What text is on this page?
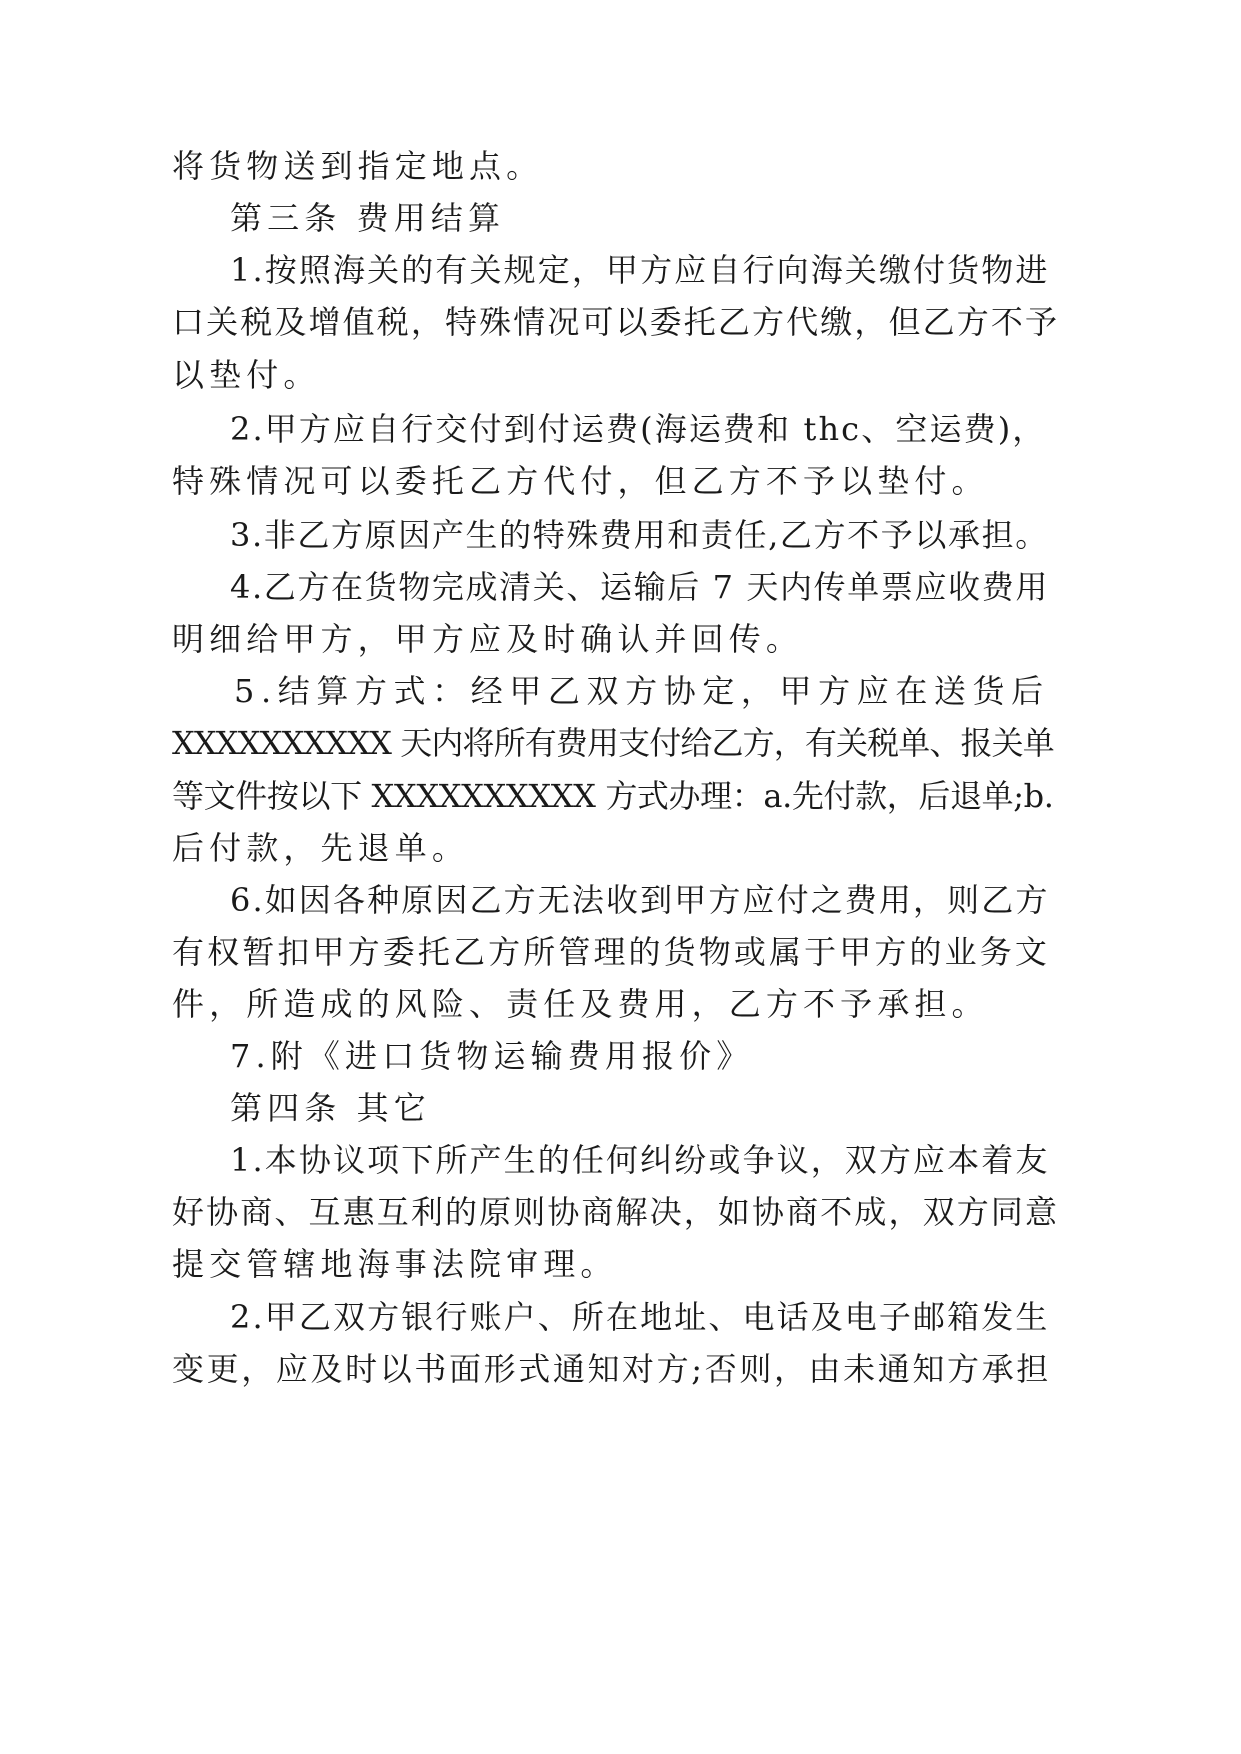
将货物送到指定地点。
第三条 费用结算
1.按照海关的有关规定，甲方应自行向海关缴付货物进
口关税及增值税，特殊情况可以委托乙方代缴，但乙方不予
以垫付。
2.甲方应自行交付到付运费(海运费和 thc、空运费)，
特殊情况可以委托乙方代付，但乙方不予以垫付。
3.非乙方原因产生的特殊费用和责任,乙方不予以承担。
4.乙方在货物完成清关、运输后 7 天内传单票应收费用
明细给甲方，甲方应及时确认并回传。
5.结算方式：经甲乙双方协定，甲方应在送货后
XXXXXXXXXX 天内将所有费用支付给乙方，有关税单、报关单
等文件按以下 XXXXXXXXXX 方式办理：a.先付款，后退单;b.
后付款，先退单。
6.如因各种原因乙方无法收到甲方应付之费用，则乙方
有权暂扣甲方委托乙方所管理的货物或属于甲方的业务文
件，所造成的风险、责任及费用，乙方不予承担。
7.附《进口货物运输费用报价》
第四条 其它
1.本协议项下所产生的任何纠纷或争议，双方应本着友
好协商、互惠互利的原则协商解决，如协商不成，双方同意
提交管辖地海事法院审理。
2.甲乙双方银行账户、所在地址、电话及电子邮箱发生
变更，应及时以书面形式通知对方;否则，由未通知方承担
